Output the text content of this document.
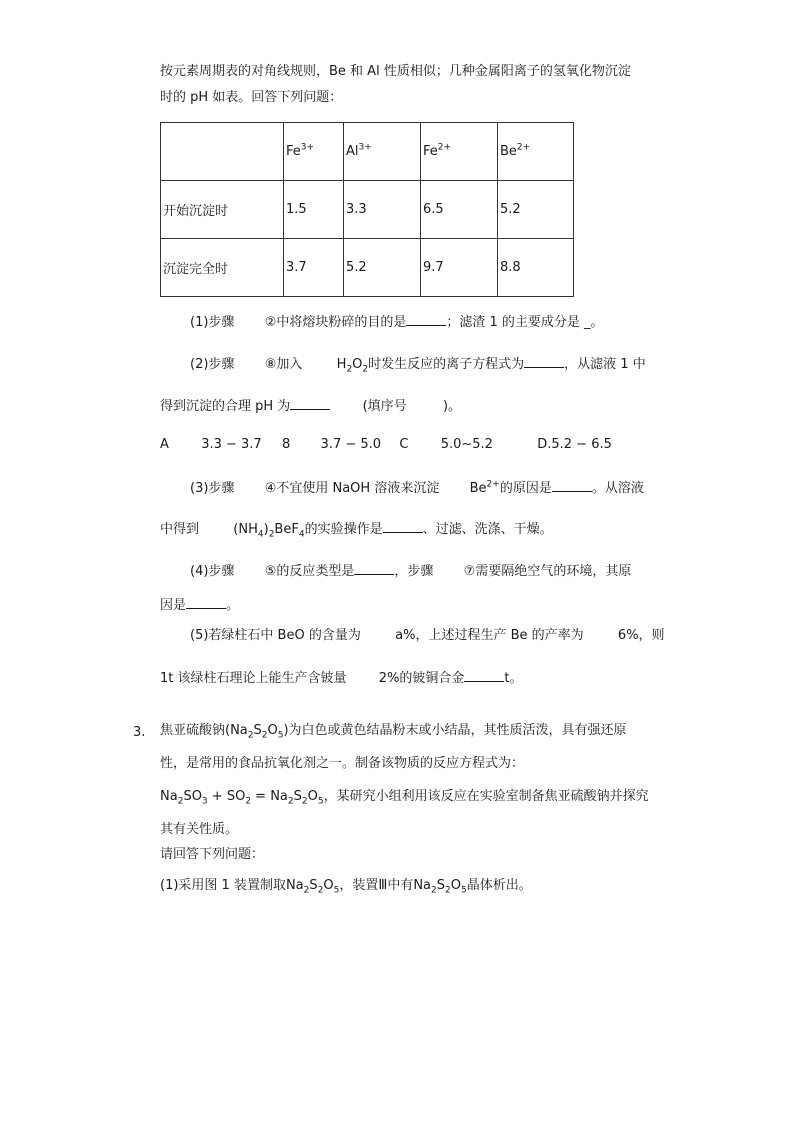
按元素周期表的对角线规则，Be 和 Al 性质相似；几种金属阳离子的氢氧化物沉淀
时的 pH 如表。回答下列问题：
	$Fe^{3+}$	$Al^{3+}$	$Fe^{2+}$	$Be^{2+}$
开始沉淀时	1.5	3.3	6.5	5.2
沉淀完全时	3.7	5.2	9.7	8.8
(1)步骤 ②中将熔块粉碎的目的是	；滤渣 1 的主要成分是 _。
(2)步骤 ⑧加入	$H_2O_2$时发生反应的离子方程式为	，从滤液 1 中
得到沉淀的合理 pH 为	(填序号	)。
A 3.3 − 3.7 8 3.7 − 5.0 C 5.0~5.2	D.5.2 − 6.5
(3)步骤 ④不宜使用 NaOH 溶液来沉淀 $Be^{2+}$的原因是	。从溶液
中得到	$(NH_4)_2BeF_4$的实验操作是	、过滤、洗涤、干燥。
(4)步骤 ⑤的反应类型是	，步骤 ⑦需要隔绝空气的环境，其原
因是	。
(5)若绿柱石中 BeO 的含量为	a%，上述过程生产 Be 的产率为	6%，则
1t 该绿柱石理论上能生产含铍量 2%的铍铜合金	t。
3. 焦亚硫酸钠$(Na_2S_2O_5)$为白色或黄色结晶粉末或小结晶，其性质活泼，具有强还原
性，是常用的食品抗氧化剂之一。制备该物质的反应方程式为：
$Na_2SO_3 + SO_2 = Na_2S_2O_5$，某研究小组利用该反应在实验室制备焦亚硫酸钠并探究
其有关性质。
请回答下列问题：
(1)采用图 1 装置制取$Na_2S_2O_5$，装置Ⅲ中有$Na_2S_2O_5$晶体析出。
